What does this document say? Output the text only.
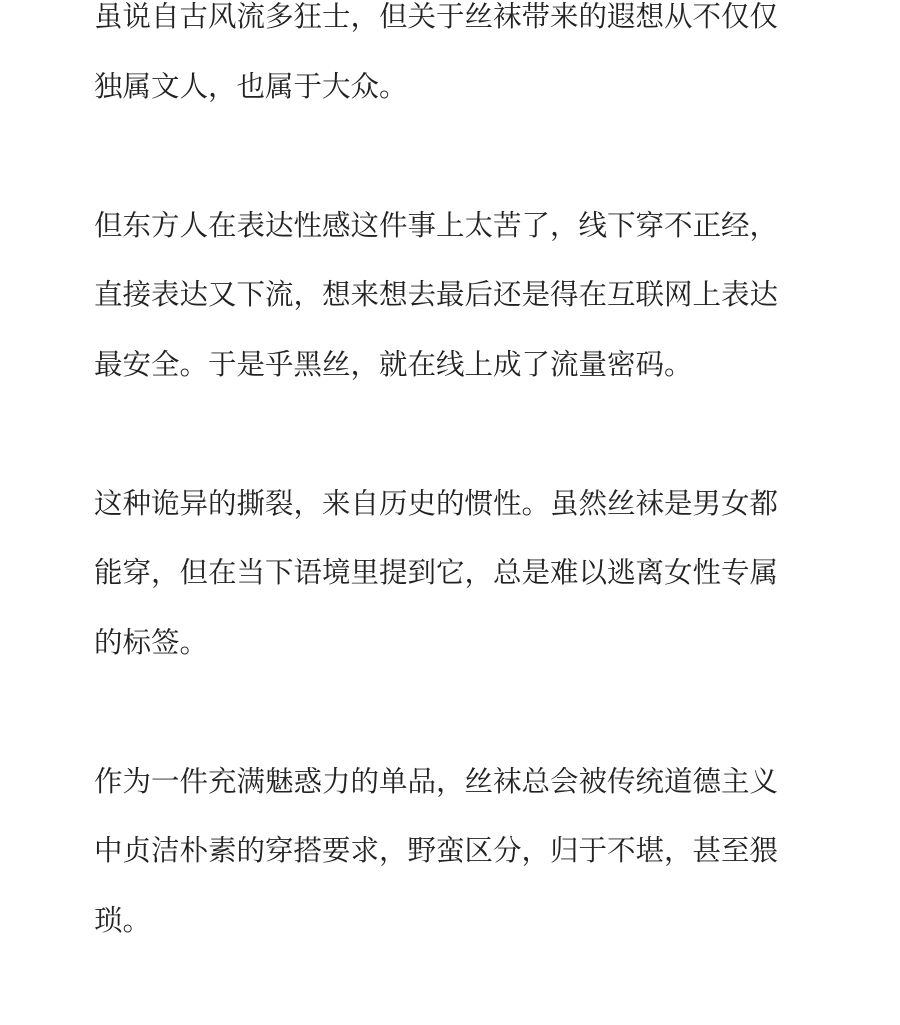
虽说自古风流多狂士，但关于丝袜带来的遐想从不仅仅
独属文人，也属于大众。

但东方人在表达性感这件事上太苦了，线下穿不正经，
直接表达又下流，想来想去最后还是得在互联网上表达
最安全。于是乎黑丝，就在线上成了流量密码。

这种诡异的撕裂，来自历史的惯性。虽然丝袜是男女都
能穿，但在当下语境里提到它，总是难以逃离女性专属
的标签。

作为一件充满魅惑力的单品，丝袜总会被传统道德主义
中贞洁朴素的穿搭要求，野蛮区分，归于不堪，甚至猥
琐。
